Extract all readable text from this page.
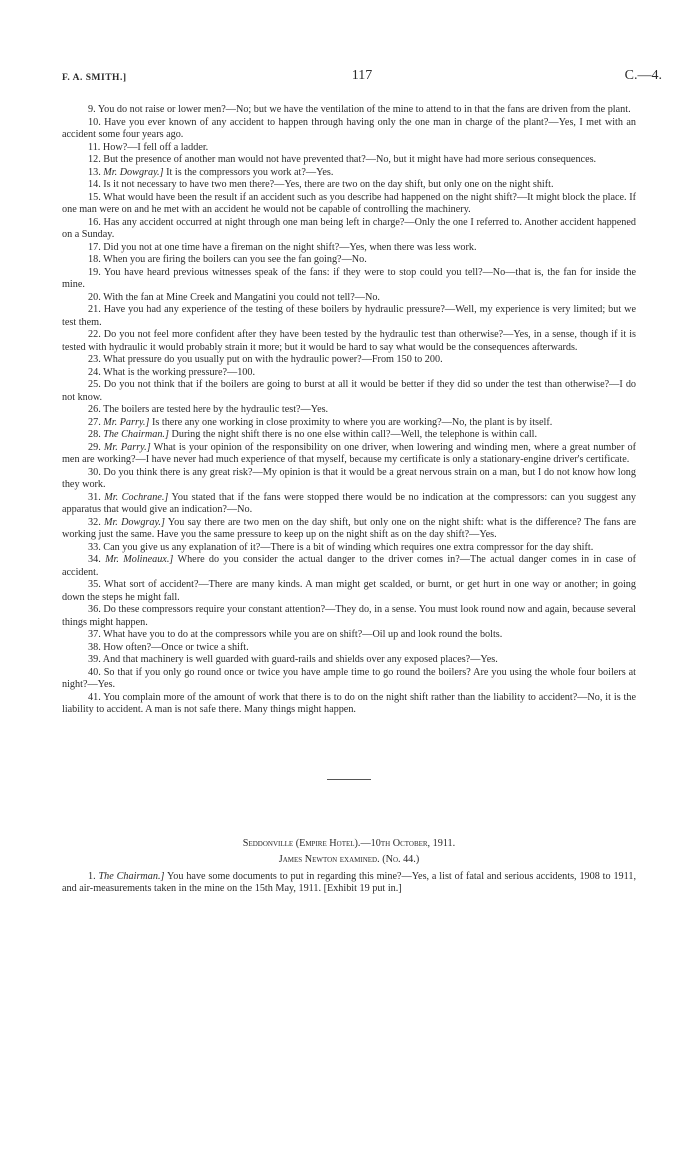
F. A. SMITH.]	117	C.—4.

9. You do not raise or lower men?—No; but we have the ventilation of the mine to attend to in that the fans are driven from the plant.

10. Have you ever known of any accident to happen through having only the one man in charge of the plant?—Yes, I met with an accident some four years ago.

11. How?—I fell off a ladder.

12. But the presence of another man would not have prevented that?—No, but it might have had more serious consequences.

13. Mr. Dowgray.] It is the compressors you work at?—Yes.

14. Is it not necessary to have two men there?—Yes, there are two on the day shift, but only one on the night shift.

15. What would have been the result if an accident such as you describe had happened on the night shift?—It might block the place. If one man were on and he met with an accident he would not be capable of controlling the machinery.

16. Has any accident occurred at night through one man being left in charge?—Only the one I referred to. Another accident happened on a Sunday.

17. Did you not at one time have a fireman on the night shift?—Yes, when there was less work.

18. When you are firing the boilers can you see the fan going?—No.

19. You have heard previous witnesses speak of the fans: if they were to stop could you tell?—No—that is, the fan for inside the mine.

20. With the fan at Mine Creek and Mangatini you could not tell?—No.

21. Have you had any experience of the testing of these boilers by hydraulic pressure?—Well, my experience is very limited; but we test them.

22. Do you not feel more confident after they have been tested by the hydraulic test than otherwise?—Yes, in a sense, though if it is tested with hydraulic it would probably strain it more; but it would be hard to say what would be the consequences afterwards.

23. What pressure do you usually put on with the hydraulic power?—From 150 to 200.

24. What is the working pressure?—100.

25. Do you not think that if the boilers are going to burst at all it would be better if they did so under the test than otherwise?—I do not know.

26. The boilers are tested here by the hydraulic test?—Yes.

27. Mr. Parry.] Is there any one working in close proximity to where you are working?—No, the plant is by itself.

28. The Chairman.] During the night shift there is no one else within call?—Well, the telephone is within call.

29. Mr. Parry.] What is your opinion of the responsibility on one driver, when lowering and winding men, where a great number of men are working?—I have never had much experience of that myself, because my certificate is only a stationary-engine driver's certificate.

30. Do you think there is any great risk?—My opinion is that it would be a great nervous strain on a man, but I do not know how long they work.

31. Mr. Cochrane.] You stated that if the fans were stopped there would be no indication at the compressors: can you suggest any apparatus that would give an indication?—No.

32. Mr. Dowgray.] You say there are two men on the day shift, but only one on the night shift: what is the difference? The fans are working just the same. Have you the same pressure to keep up on the night shift as on the day shift?—Yes.

33. Can you give us any explanation of it?—There is a bit of winding which requires one extra compressor for the day shift.

34. Mr. Molineaux.] Where do you consider the actual danger to the driver comes in?—The actual danger comes in in case of accident.

35. What sort of accident?—There are many kinds. A man might get scalded, or burnt, or get hurt in one way or another; in going down the steps he might fall.

36. Do these compressors require your constant attention?—They do, in a sense. You must look round now and again, because several things might happen.

37. What have you to do at the compressors while you are on shift?—Oil up and look round the bolts.

38. How often?—Once or twice a shift.

39. And that machinery is well guarded with guard-rails and shields over any exposed places?—Yes.

40. So that if you only go round once or twice you have ample time to go round the boilers? Are you using the whole four boilers at night?—Yes.

41. You complain more of the amount of work that there is to do on the night shift rather than the liability to accident?—No, it is the liability to accident. A man is not safe there. Many things might happen.

Seddonville (Empire Hotel).—10th October, 1911.

James Newton examined. (No. 44.)

1. The Chairman.] You have some documents to put in regarding this mine?—Yes, a list of fatal and serious accidents, 1908 to 1911, and air-measurements taken in the mine on the 15th May, 1911. [Exhibit 19 put in.]
